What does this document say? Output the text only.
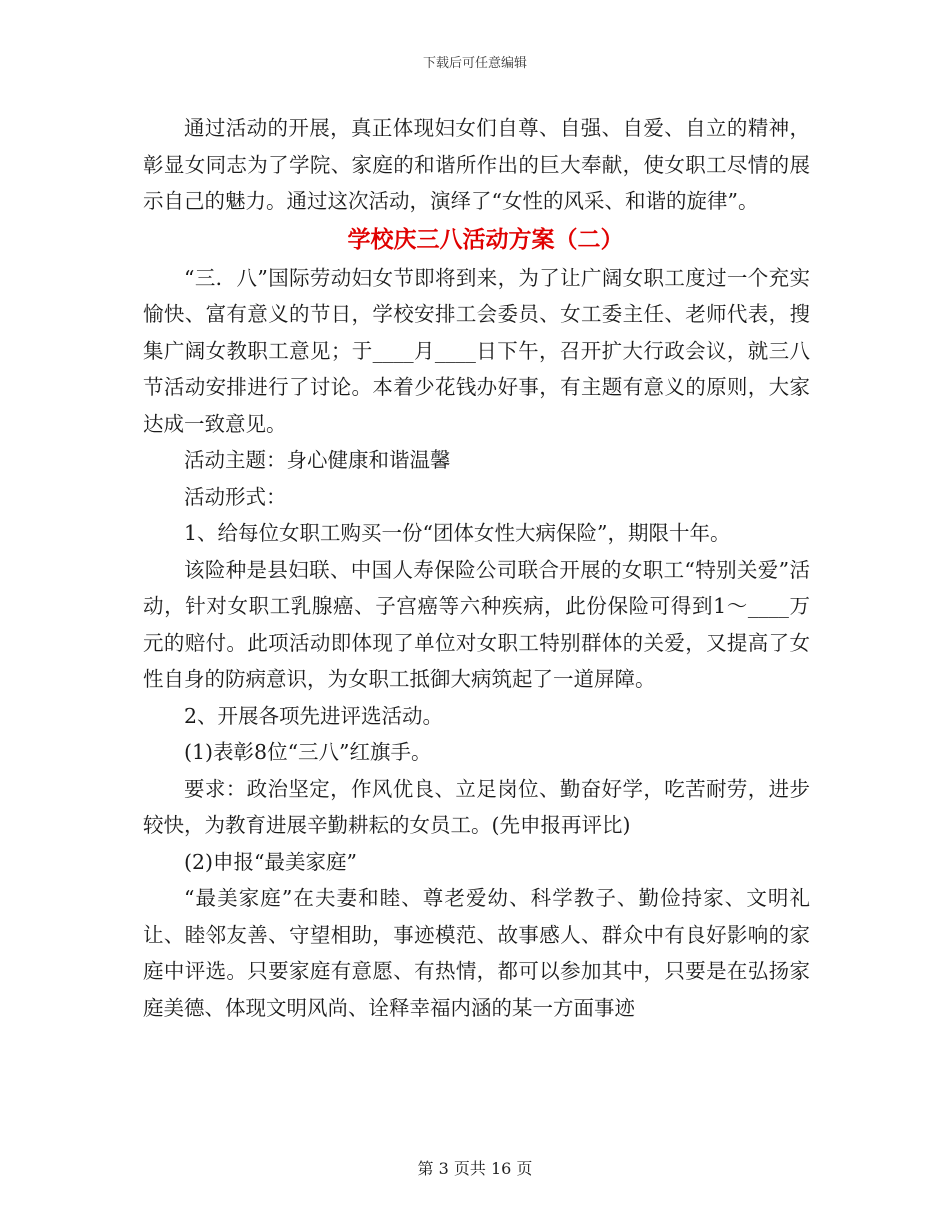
下载后可任意编辑

通过活动的开展，真正体现妇女们自尊、自强、自爱、自立的精神，彰显女同志为了学院、家庭的和谐所作出的巨大奉献，使女职工尽情的展示自己的魅力。通过这次活动，演绎了“女性的风采、和谐的旋律”。

学校庆三八活动方案（二）

“三．八”国际劳动妇女节即将到来，为了让广阔女职工度过一个充实愉快、富有意义的节日，学校安排工会委员、女工委主任、老师代表，搜集广阔女教职工意见；于____月____日下午，召开扩大行政会议，就三八节活动安排进行了讨论。本着少花钱办好事，有主题有意义的原则，大家达成一致意见。

活动主题：身心健康和谐温馨

活动形式：

1、给每位女职工购买一份“团体女性大病保险”，期限十年。

该险种是县妇联、中国人寿保险公司联合开展的女职工“特别关爱”活动，针对女职工乳腺癌、子宫癌等六种疾病，此份保险可得到1～____万元的赔付。此项活动即体现了单位对女职工特别群体的关爱，又提高了女性自身的防病意识，为女职工抵御大病筑起了一道屏障。

2、开展各项先进评选活动。

(1)表彰8位“三八”红旗手。

要求：政治坚定，作风优良、立足岗位、勤奋好学，吃苦耐劳，进步较快，为教育进展辛勤耕耘的女员工。(先申报再评比)

(2)申报“最美家庭”

“最美家庭”在夫妻和睦、尊老爱幼、科学教子、勤俭持家、文明礼让、睦邻友善、守望相助，事迹模范、故事感人、群众中有良好影响的家庭中评选。只要家庭有意愿、有热情，都可以参加其中，只要是在弘扬家庭美德、体现文明风尚、诠释幸福内涵的某一方面事迹

第 3 页共 16 页
